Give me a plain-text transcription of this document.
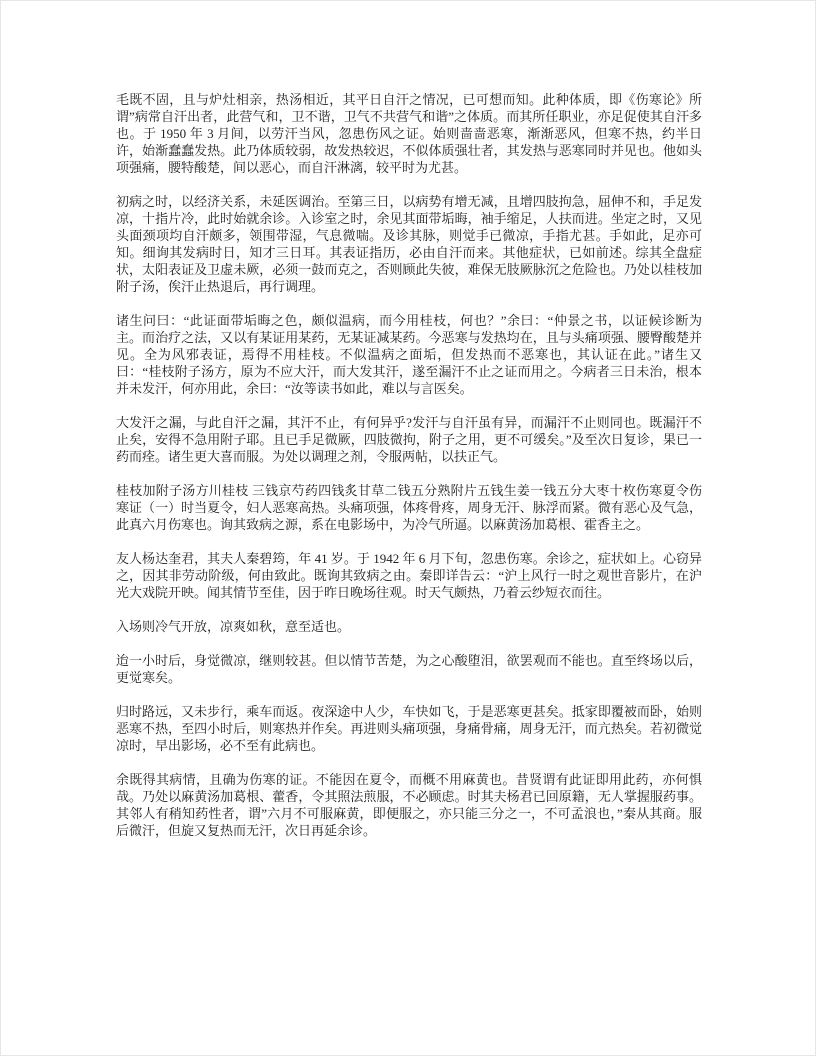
毛既不固，且与炉灶相亲，热汤相近，其平日自汗之情况，已可想而知。此种体质，即《伤寒论》所谓”病常自汗出者，此营气和，卫不谐，卫气不共营气和谐”之体质。而其所任职业，亦足促使其自汗多也。于 1950 年 3 月间，以劳汗当风，忽患伤风之证。始则啬啬恶寒，渐渐恶风，但寒不热，约半日许，始渐蠢蠢发热。此乃体质较弱，故发热较迟，不似体质强壮者，其发热与恶寒同时并见也。他如头项强痛，腰特酸楚，间以恶心，而自汗淋漓，较平时为尤甚。

初病之时，以经济关系，未延医调治。至第三日，以病势有增无减，且增四肢拘急，屈伸不和，手足发凉，十指片冷，此时始就余诊。入诊室之时，余见其面带垢晦，袖手缩足，人扶而进。坐定之时，又见头面颈项均自汗颇多，领围带湿，气息微喘。及诊其脉，则觉手已微凉，手指尤甚。手如此，足亦可知。细询其发病时日，知才三日耳。其表证指历，必由自汗而来。其他症状，已如前述。综其全盘症状，太阳表证及卫虚未厥，必须一鼓而克之，否则顾此失彼，难保无肢厥脉沉之危险也。乃处以桂枝加附子汤，俟汗止热退后，再行调理。

诸生问曰：“此证面带垢晦之色，颇似温病，而今用桂枝，何也？”余曰：“仲景之书，以证候诊断为主。而治疗之法，又以有某证用某药，无某证减某药。今恶寒与发热均在，且与头痛项强、腰臀酸楚并见。全为风邪表证，焉得不用桂枝。不似温病之面垢，但发热而不恶寒也，其认证在此。”诸生又曰：“桂枝附子汤方，原为不应大汗，而大发其汗，遂至漏汗不止之证而用之。今病者三日未治，根本并未发汗，何亦用此，余曰：“汝等读书如此，难以与言医矣。

大发汗之漏，与此自汗之漏，其汗不止，有何异乎?发汗与自汗虽有异，而漏汗不止则同也。既漏汗不止矣，安得不急用附子耶。且已手足微厥，四肢微拘，附子之用，更不可缓矣。”及至次日复诊，果已一药而痊。诸生更大喜而服。为处以调理之剂，令服两帖，以扶正气。

桂枝加附子汤方川桂枝 三钱京芍药四钱炙甘草二钱五分熟附片五钱生姜一钱五分大枣十枚伤寒夏令伤寒证（一）时当夏令，妇人恶寒高热。头痛项强，体疼骨疼，周身无汗、脉浮而紧。微有恶心及气急，此真六月伤寒也。询其致病之源，系在电影场中，为冷气所逼。以麻黄汤加葛根、霍香主之。

友人杨达奎君，其夫人秦碧筠，年 41 岁。于 1942 年 6 月下旬，忽患伤寒。余诊之，症状如上。心窃异之，因其非劳动阶级，何由致此。既询其致病之由。秦即详告云：“沪上风行一时之观世音影片，在沪光大戏院开映。闻其情节至佳，因于昨日晚场往观。时天气颇热，乃着云纱短衣而往。

入场则冷气开放，凉爽如秋，意至适也。

迨一小时后，身觉微凉，继则较甚。但以情节苦楚，为之心酸堕泪，欲罢观而不能也。直至终场以后，更觉寒矣。

归时路远，又未步行，乘车而返。夜深途中人少，车快如飞，于是恶寒更甚矣。抵家即覆被而卧，始则恶寒不热，至四小时后，则寒热并作矣。再进则头痛项强，身痛骨痛，周身无汗，而亢热矣。若初微觉凉时，早出影场，必不至有此病也。

余既得其病情，且确为伤寒的证。不能因在夏令，而概不用麻黄也。昔贤谓有此证即用此药，亦何惧哉。乃处以麻黄汤加葛根、藿香，令其照法煎服，不必顾虑。时其夫杨君已回原籍，无人掌握服药事。其邻人有稍知药性者，谓”六月不可服麻黄，即便服之，亦只能三分之一，不可孟浪也，”秦从其商。服后微汗，但旋又复热而无汗，次日再延余诊。
